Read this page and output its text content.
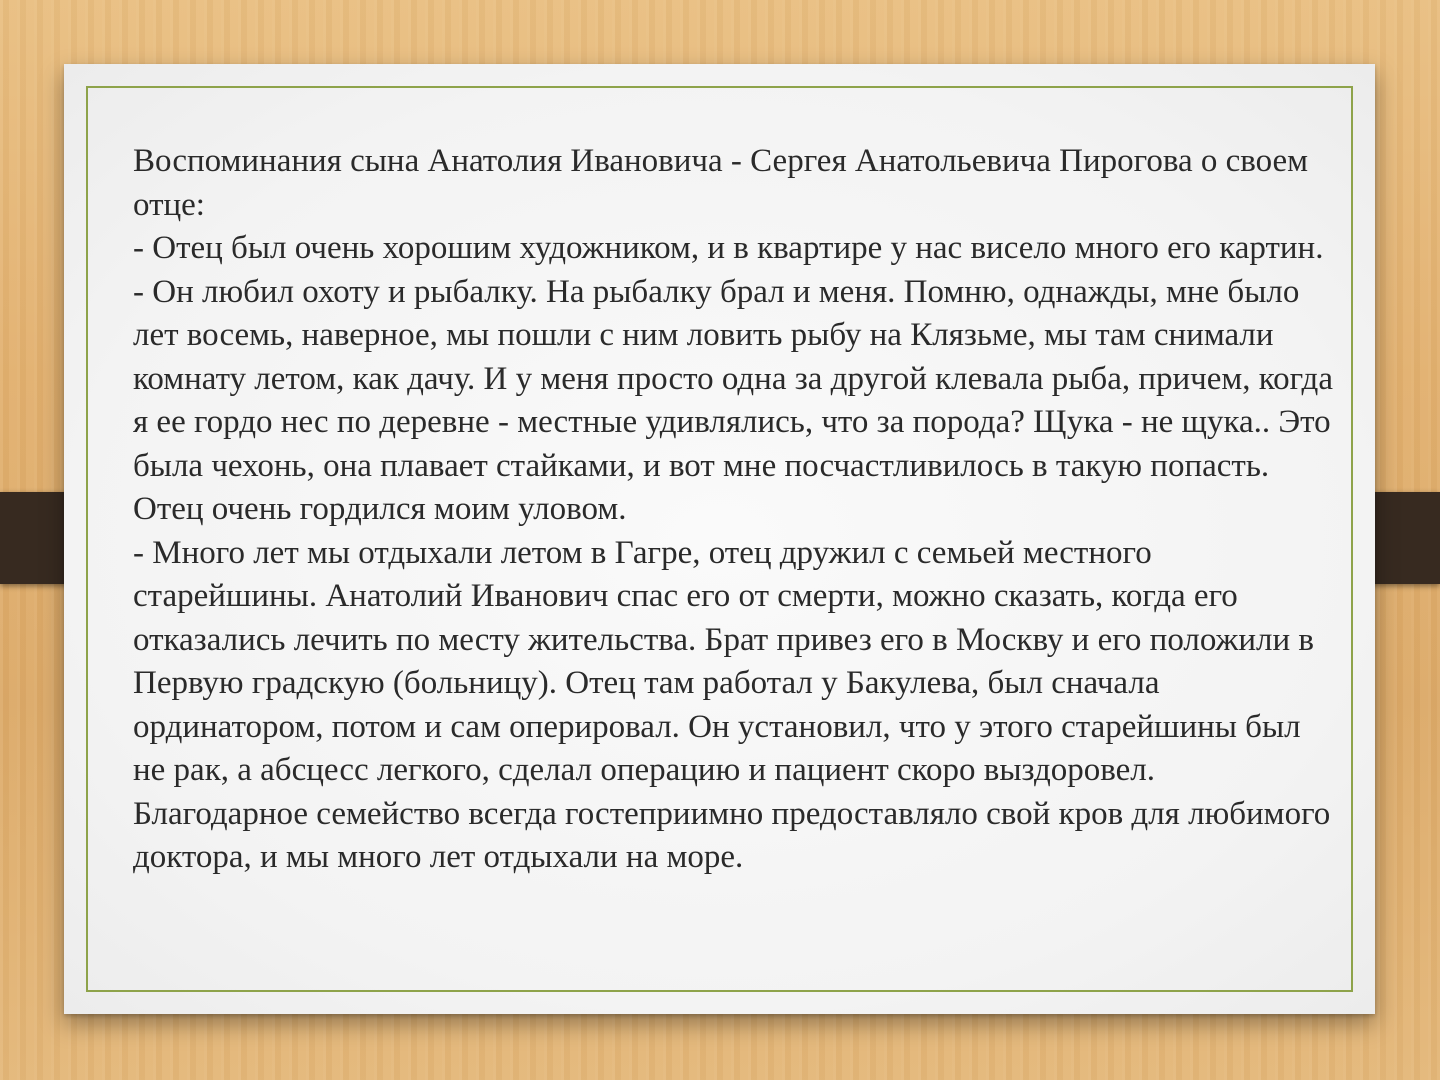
Воспоминания сына Анатолия Ивановича - Сергея Анатольевича Пирогова о своем отце:

- Отец был очень хорошим художником, и в квартире у нас висело много его картин.

- Он любил охоту и рыбалку. На рыбалку брал и меня. Помню, однажды, мне было лет восемь, наверное, мы пошли с ним ловить рыбу на Клязьме, мы там снимали комнату летом, как дачу. И у меня просто одна за другой клевала рыба, причем, когда я ее гордо нес по деревне - местные удивлялись, что за порода? Щука - не щука.. Это была чехонь, она плавает стайками, и вот мне посчастливилось в такую попасть. Отец очень гордился моим уловом.

- Много лет мы отдыхали летом в Гагре, отец дружил с семьей местного старейшины. Анатолий Иванович спас его от смерти, можно сказать, когда его отказались лечить по месту жительства. Брат привез его в Москву и его положили в Первую градскую (больницу). Отец там работал у Бакулева, был сначала ординатором, потом и сам оперировал. Он установил, что у этого старейшины был не рак, а абсцесс легкого, сделал операцию и пациент скоро выздоровел. Благодарное семейство всегда гостеприимно предоставляло свой кров для любимого доктора, и мы много лет отдыхали на море.
